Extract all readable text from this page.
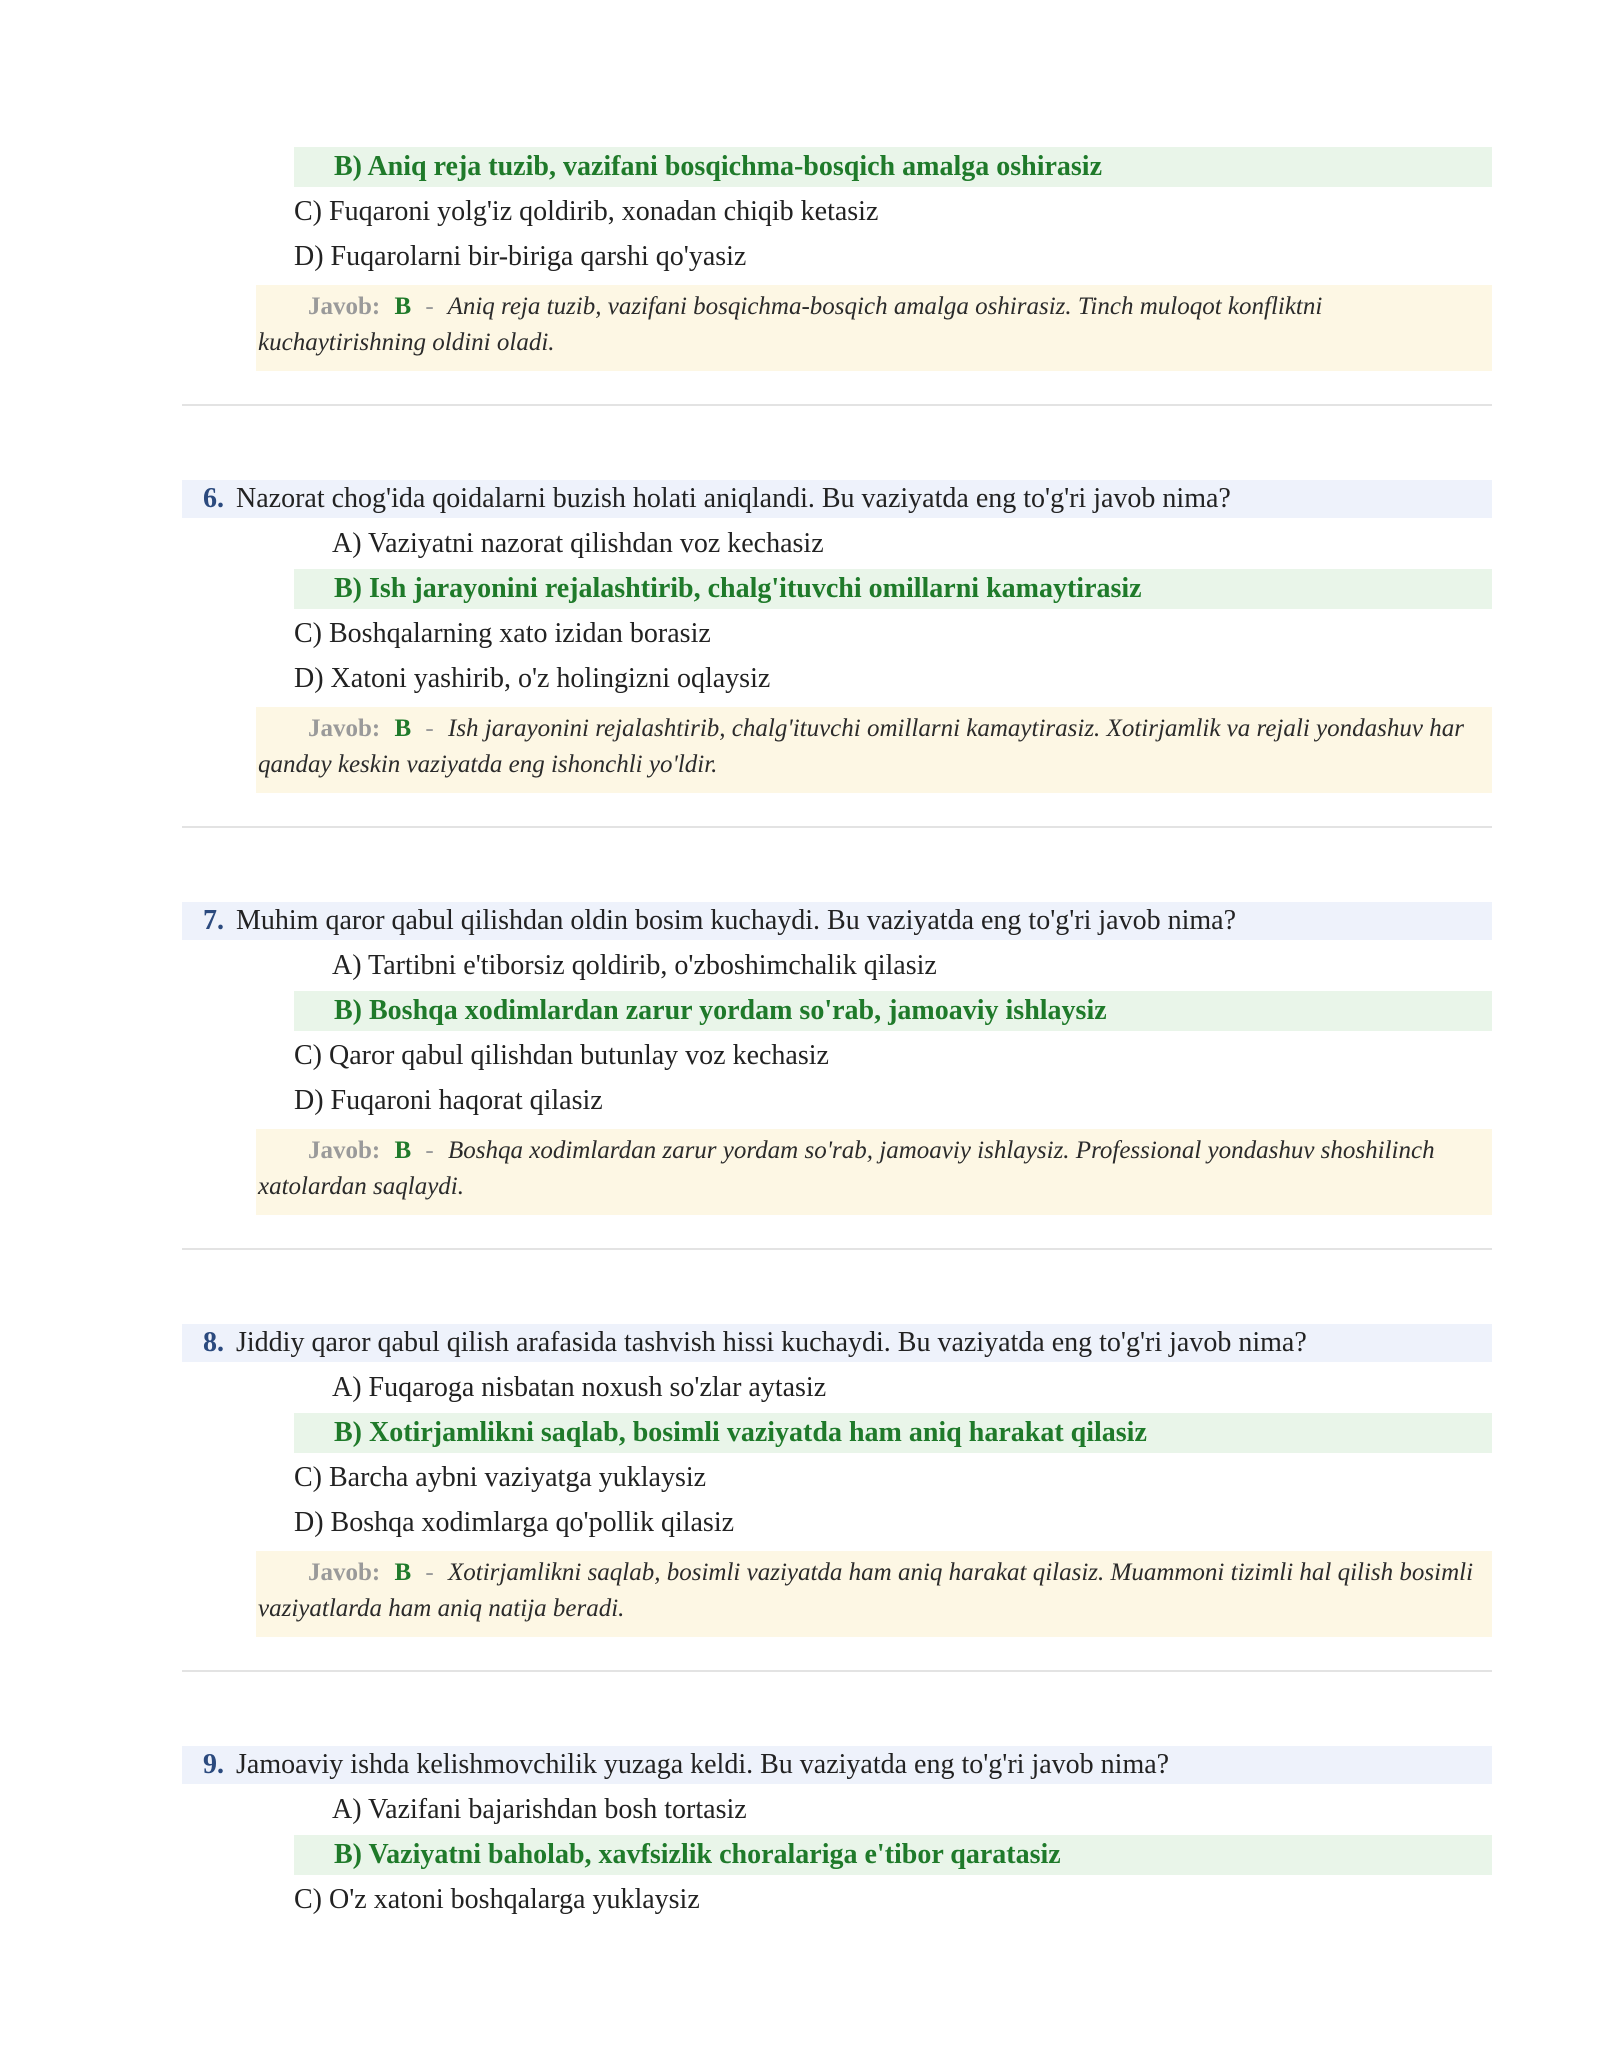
B) Aniq reja tuzib, vazifani bosqichma-bosqich amalga oshirasiz
C) Fuqaroni yolg'iz qoldirib, xonadan chiqib ketasiz
D) Fuqarolarni bir-biriga qarshi qo'yasiz
Javob: B - Aniq reja tuzib, vazifani bosqichma-bosqich amalga oshirasiz. Tinch muloqot konfliktni kuchaytirishning oldini oladi.
6. Nazorat chog'ida qoidalarni buzish holati aniqlandi. Bu vaziyatda eng to'g'ri javob nima?
A) Vaziyatni nazorat qilishdan voz kechasiz
B) Ish jarayonini rejalashtirib, chalg'ituvchi omillarni kamaytirasiz
C) Boshqalarning xato izidan borasiz
D) Xatoni yashirib, o'z holingizni oqlaysiz
Javob: B - Ish jarayonini rejalashtirib, chalg'ituvchi omillarni kamaytirasiz. Xotirjamlik va rejali yondashuv har qanday keskin vaziyatda eng ishonchli yo'ldir.
7. Muhim qaror qabul qilishdan oldin bosim kuchaydi. Bu vaziyatda eng to'g'ri javob nima?
A) Tartibni e'tiborsiz qoldirib, o'zboshimchalik qilasiz
B) Boshqa xodimlardan zarur yordam so'rab, jamoaviy ishlaysiz
C) Qaror qabul qilishdan butunlay voz kechasiz
D) Fuqaroni haqorat qilasiz
Javob: B - Boshqa xodimlardan zarur yordam so'rab, jamoaviy ishlaysiz. Professional yondashuv shoshilinch xatolardan saqlaydi.
8. Jiddiy qaror qabul qilish arafasida tashvish hissi kuchaydi. Bu vaziyatda eng to'g'ri javob nima?
A) Fuqaroga nisbatan noxush so'zlar aytasiz
B) Xotirjamlikni saqlab, bosimli vaziyatda ham aniq harakat qilasiz
C) Barcha aybni vaziyatga yuklaysiz
D) Boshqa xodimlarga qo'pollik qilasiz
Javob: B - Xotirjamlikni saqlab, bosimli vaziyatda ham aniq harakat qilasiz. Muammoni tizimli hal qilish bosimli vaziyatlarda ham aniq natija beradi.
9. Jamoaviy ishda kelishmovchilik yuzaga keldi. Bu vaziyatda eng to'g'ri javob nima?
A) Vazifani bajarishdan bosh tortasiz
B) Vaziyatni baholab, xavfsizlik choralariga e'tibor qaratasiz
C) O'z xatoni boshqalarga yuklaysiz
